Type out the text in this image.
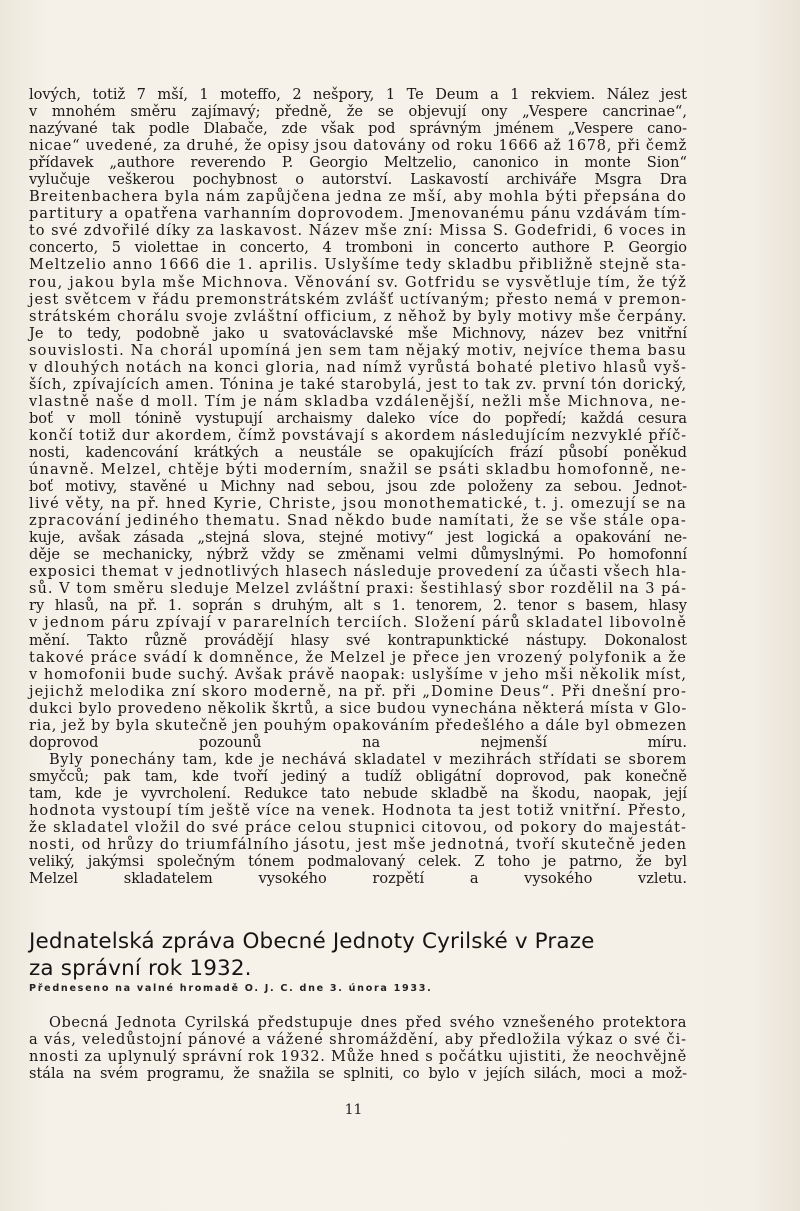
lových, totiž 7 mší, 1 moteffo, 2 nešpory, 1 Te Deum a 1 rekviem. Nález jest
v mnohém směru zajímavý; předně, že se objevují ony „Vespere cancrinae“,
nazývané tak podle Dlabače, zde však pod správným jménem „Vespere cano-
nicae“ uvedené, za druhé, že opisy jsou datovány od roku 1666 až 1678, při čemž
přídavek „authore reverendo P. Georgio Meltzelio, canonico in monte Sion“
vylučuje veškerou pochybnost o autorství. Laskavostí archiváře Msgra Dra
Breitenbachera byla nám zapůjčena jedna ze mší, aby mohla býti přepsána do
partitury a opatřena varhanním doprovodem. Jmenovanému pánu vzdávám tím-
to své zdvořilé díky za laskavost. Název mše zní: Missa S. Godefridi, 6 voces in
concerto, 5 violettae in concerto, 4 tromboni in concerto authore P. Georgio
Meltzelio anno 1666 die 1. aprilis. Uslyšíme tedy skladbu přibližně stejně sta-
rou, jakou byla mše Michnova. Věnování sv. Gotfridu se vysvětluje tím, že týž
jest světcem v řádu premonstrátském zvlášť uctívaným; přesto nemá v premon-
strátském chorálu svoje zvláštní officium, z něhož by byly motivy mše čerpány.
Je to tedy, podobně jako u svatováclavské mše Michnovy, název bez vnitřní
souvislosti. Na chorál upomíná jen sem tam nějaký motiv, nejvíce thema basu
v dlouhých notách na konci gloria, nad nímž vyrůstá bohaté pletivo hlasů vyš-
ších, zpívajících amen. Tónina je také starobylá, jest to tak zv. první tón dorický,
vlastně naše d moll. Tím je nám skladba vzdálenější, nežli mše Michnova, ne-
boť v moll tónině vystupují archaismy daleko více do popředí; každá cesura
končí totiž dur akordem, čímž povstávají s akordem následujícím nezvyklé příč-
nosti, kadencování krátkých a neustále se opakujících frází působí poněkud
únavně. Melzel, chtěje býti moderním, snažil se psáti skladbu homofonně, ne-
boť motivy, stavěné u Michny nad sebou, jsou zde položeny za sebou. Jednot-
livé věty, na př. hned Kyrie, Christe, jsou monothematické, t. j. omezují se na
zpracování jediného thematu. Snad někdo bude namítati, že se vše stále opa-
kuje, avšak zásada „stejná slova, stejné motivy“ jest logická a opakování ne-
děje se mechanicky, nýbrž vždy se změnami velmi důmyslnými. Po homofonní
exposici themat v jednotlivých hlasech následuje provedení za účasti všech hla-
sů. V tom směru sleduje Melzel zvláštní praxi: šestihlasý sbor rozdělil na 3 pá-
ry hlasů, na př. 1. soprán s druhým, alt s 1. tenorem, 2. tenor s basem, hlasy
v jednom páru zpívají v pararelních terciích. Složení párů skladatel libovolně
mění. Takto různě provádějí hlasy své kontrapunktické nástupy. Dokonalost
takové práce svádí k domněnce, že Melzel je přece jen vrozený polyfonik a že
v homofonii bude suchý. Avšak právě naopak: uslyšíme v jeho mši několik míst,
jejichž melodika zní skoro moderně, na př. při „Domine Deus“. Při dnešní pro-
dukci bylo provedeno několik škrtů, a sice budou vynechána některá místa v Glo-
ria, jež by byla skutečně jen pouhým opakováním předešlého a dále byl obmezen
doprovod pozounů na nejmenší míru.

Byly ponechány tam, kde je nechává skladatel v mezihrách střídati se sborem
smyčců; pak tam, kde tvoří jediný a tudíž obligátní doprovod, pak konečně
tam, kde je vyvrcholení. Redukce tato nebude skladbě na škodu, naopak, její
hodnota vystoupí tím ještě více na venek. Hodnota ta jest totiž vnitřní. Přesto,
že skladatel vložil do své práce celou stupnici citovou, od pokory do majestát-
nosti, od hrůzy do triumfálního jásotu, jest mše jednotná, tvoří skutečně jeden
veliký, jakýmsi společným tónem podmalovaný celek. Z toho je patrno, že byl
Melzel skladatelem vysokého rozpětí a vysokého vzletu.

Jednatelská zpráva Obecné Jednoty Cyrilské v Praze
za správní rok 1932.

Předneseno na valné hromadě O. J. C. dne 3. února 1933.

Obecná Jednota Cyrilská předstupuje dnes před svého vznešeného protektora
a vás, veledůstojní pánové a vážené shromáždění, aby předložila výkaz o své či-
nnosti za uplynulý správní rok 1932. Může hned s počátku ujistiti, že neochvějně
stála na svém programu, že snažila se splniti, co bylo v jejích silách, moci a mož-

11
